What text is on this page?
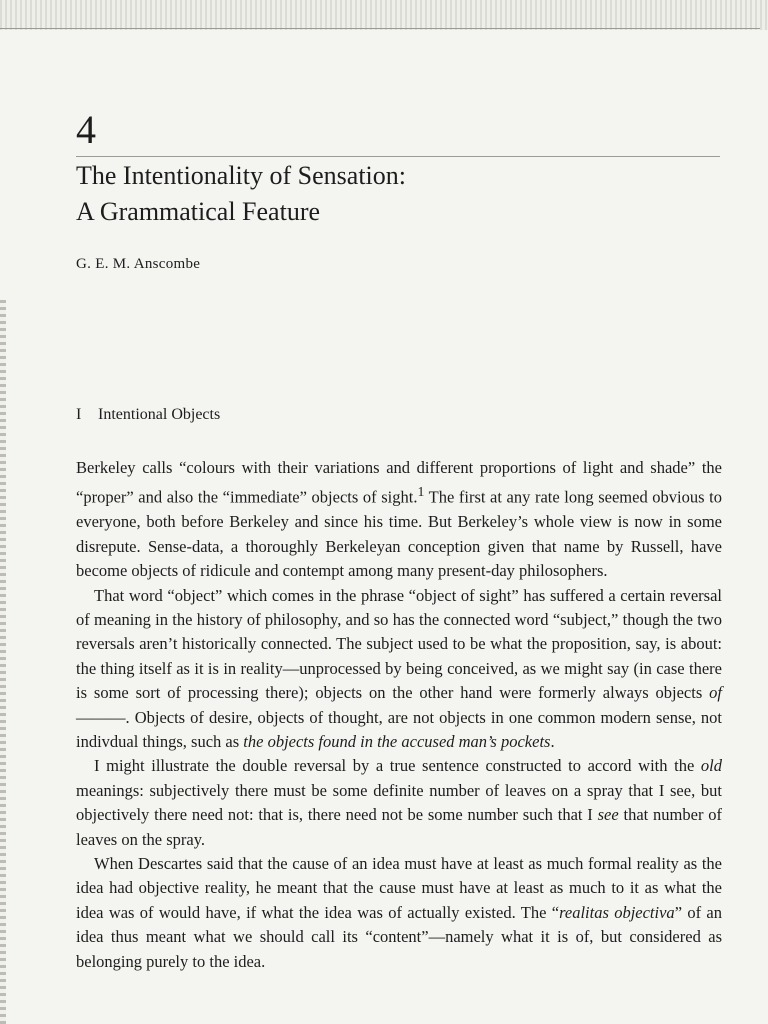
4
The Intentionality of Sensation:
A Grammatical Feature
G. E. M. Anscombe
I Intentional Objects

Berkeley calls “colours with their variations and different proportions of light and shade” the “proper” and also the “immediate” objects of sight.$^1$ The first at any rate long seemed obvious to everyone, both before Berkeley and since his time. But Berkeley’s whole view is now in some disrepute. Sense-data, a thoroughly Berkeleyan conception given that name by Russell, have become objects of ridicule and contempt among many present-day philosophers.

That word “object” which comes in the phrase “object of sight” has suffered a certain reversal of meaning in the history of philosophy, and so has the connected word “subject,” though the two reversals aren’t historically connected. The subject used to be what the proposition, say, is about: the thing itself as it is in reality—unprocessed by being conceived, as we might say (in case there is some sort of processing there); objects on the other hand were formerly always objects of ———. Objects of desire, objects of thought, are not objects in one common modern sense, not indivdual things, such as the objects found in the accused man’s pockets.

I might illustrate the double reversal by a true sentence constructed to accord with the old meanings: subjectively there must be some definite number of leaves on a spray that I see, but objectively there need not: that is, there need not be some number such that I see that number of leaves on the spray.

When Descartes said that the cause of an idea must have at least as much formal reality as the idea had objective reality, he meant that the cause must have at least as much to it as what the idea was of would have, if what the idea was of actually existed. The “realitas objectiva” of an idea thus meant what we should call its “content”—namely what it is of, but considered as belonging purely to the idea.
